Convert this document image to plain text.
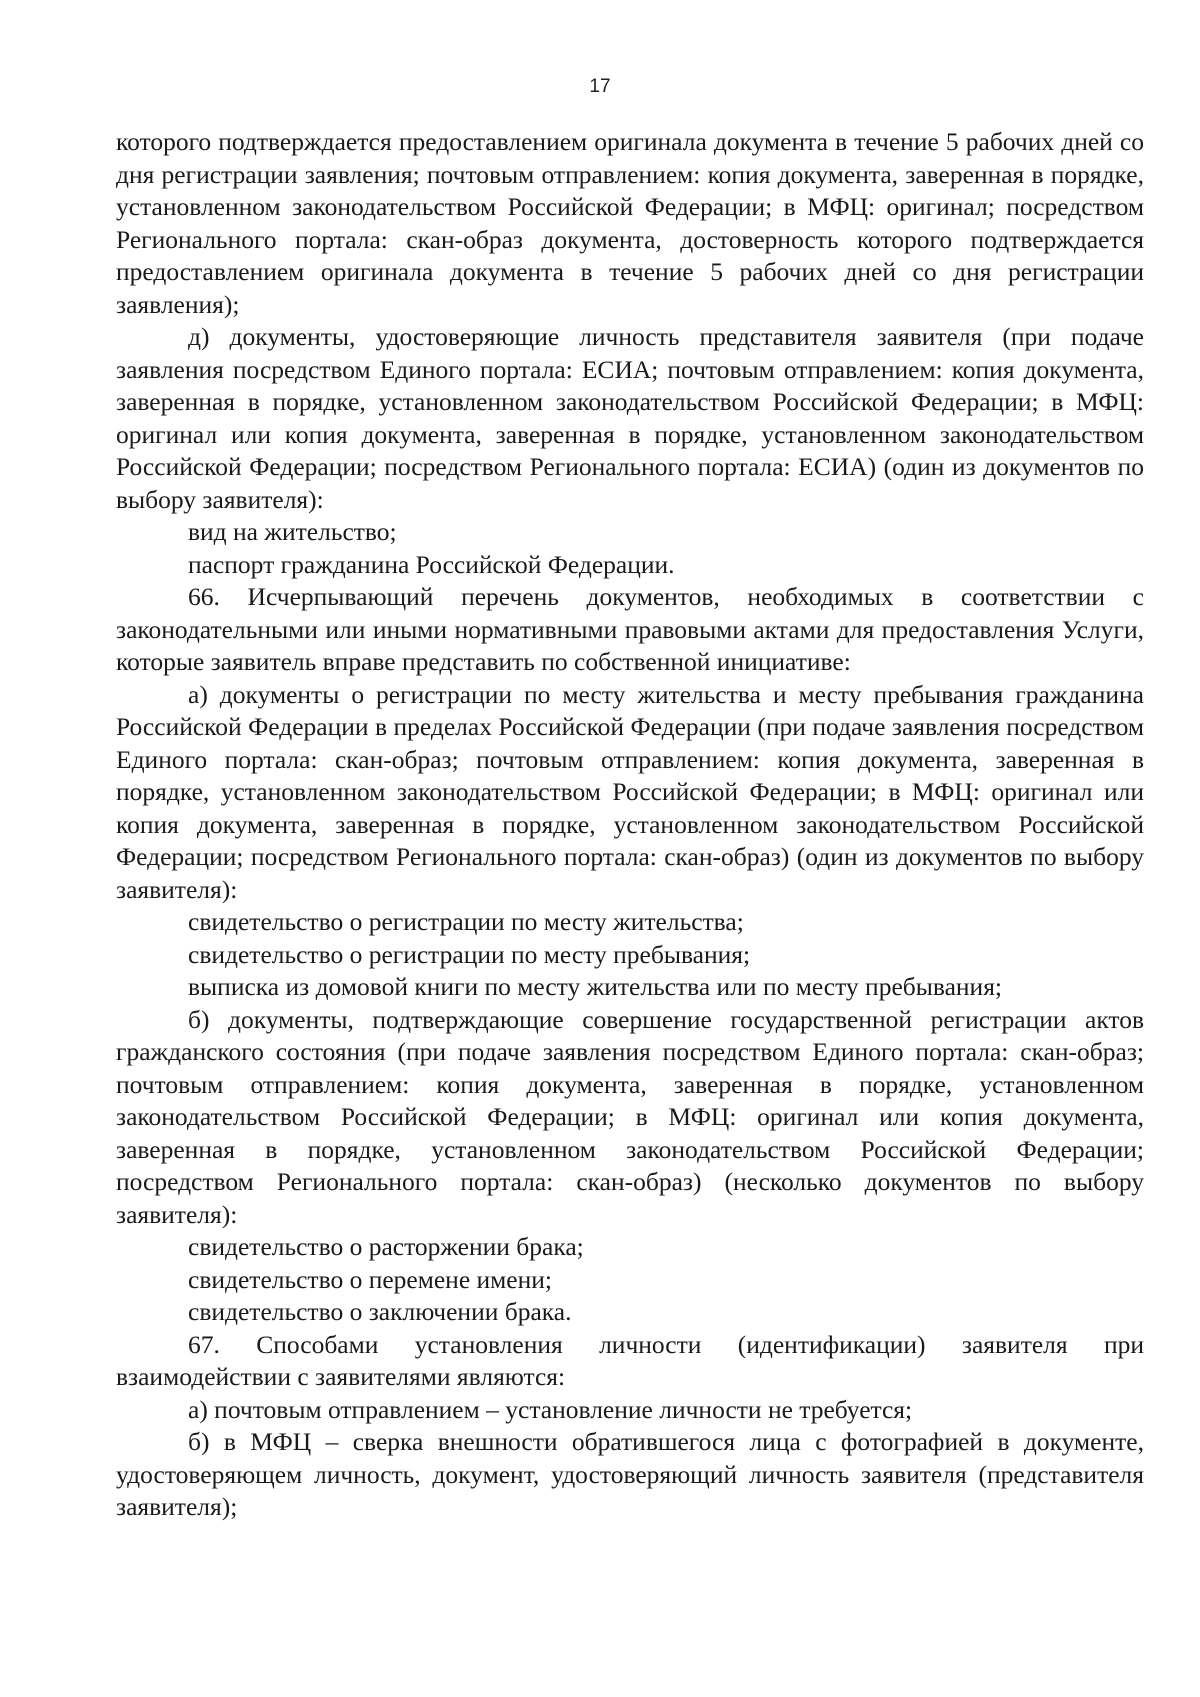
17

которого подтверждается предоставлением оригинала документа в течение 5 рабочих дней со дня регистрации заявления; почтовым отправлением: копия документа, заверенная в порядке, установленном законодательством Российской Федерации; в МФЦ: оригинал; посредством Регионального портала: скан-образ документа, достоверность которого подтверждается предоставлением оригинала документа в течение 5 рабочих дней со дня регистрации заявления);

д) документы, удостоверяющие личность представителя заявителя (при подаче заявления посредством Единого портала: ЕСИА; почтовым отправлением: копия документа, заверенная в порядке, установленном законодательством Российской Федерации; в МФЦ: оригинал или копия документа, заверенная в порядке, установленном законодательством Российской Федерации; посредством Регионального портала: ЕСИА) (один из документов по выбору заявителя):

вид на жительство;

паспорт гражданина Российской Федерации.

66. Исчерпывающий перечень документов, необходимых в соответствии с законодательными или иными нормативными правовыми актами для предоставления Услуги, которые заявитель вправе представить по собственной инициативе:

а) документы о регистрации по месту жительства и месту пребывания гражданина Российской Федерации в пределах Российской Федерации (при подаче заявления посредством Единого портала: скан-образ; почтовым отправлением: копия документа, заверенная в порядке, установленном законодательством Российской Федерации; в МФЦ: оригинал или копия документа, заверенная в порядке, установленном законодательством Российской Федерации; посредством Регионального портала: скан-образ) (один из документов по выбору заявителя):

свидетельство о регистрации по месту жительства;

свидетельство о регистрации по месту пребывания;

выписка из домовой книги по месту жительства или по месту пребывания;

б) документы, подтверждающие совершение государственной регистрации актов гражданского состояния (при подаче заявления посредством Единого портала: скан-образ; почтовым отправлением: копия документа, заверенная в порядке, установленном законодательством Российской Федерации; в МФЦ: оригинал или копия документа, заверенная в порядке, установленном законодательством Российской Федерации; посредством Регионального портала: скан-образ) (несколько документов по выбору заявителя):

свидетельство о расторжении брака;

свидетельство о перемене имени;

свидетельство о заключении брака.

67. Способами установления личности (идентификации) заявителя при взаимодействии с заявителями являются:

а) почтовым отправлением – установление личности не требуется;

б) в МФЦ – сверка внешности обратившегося лица с фотографией в документе, удостоверяющем личность, документ, удостоверяющий личность заявителя (представителя заявителя);
